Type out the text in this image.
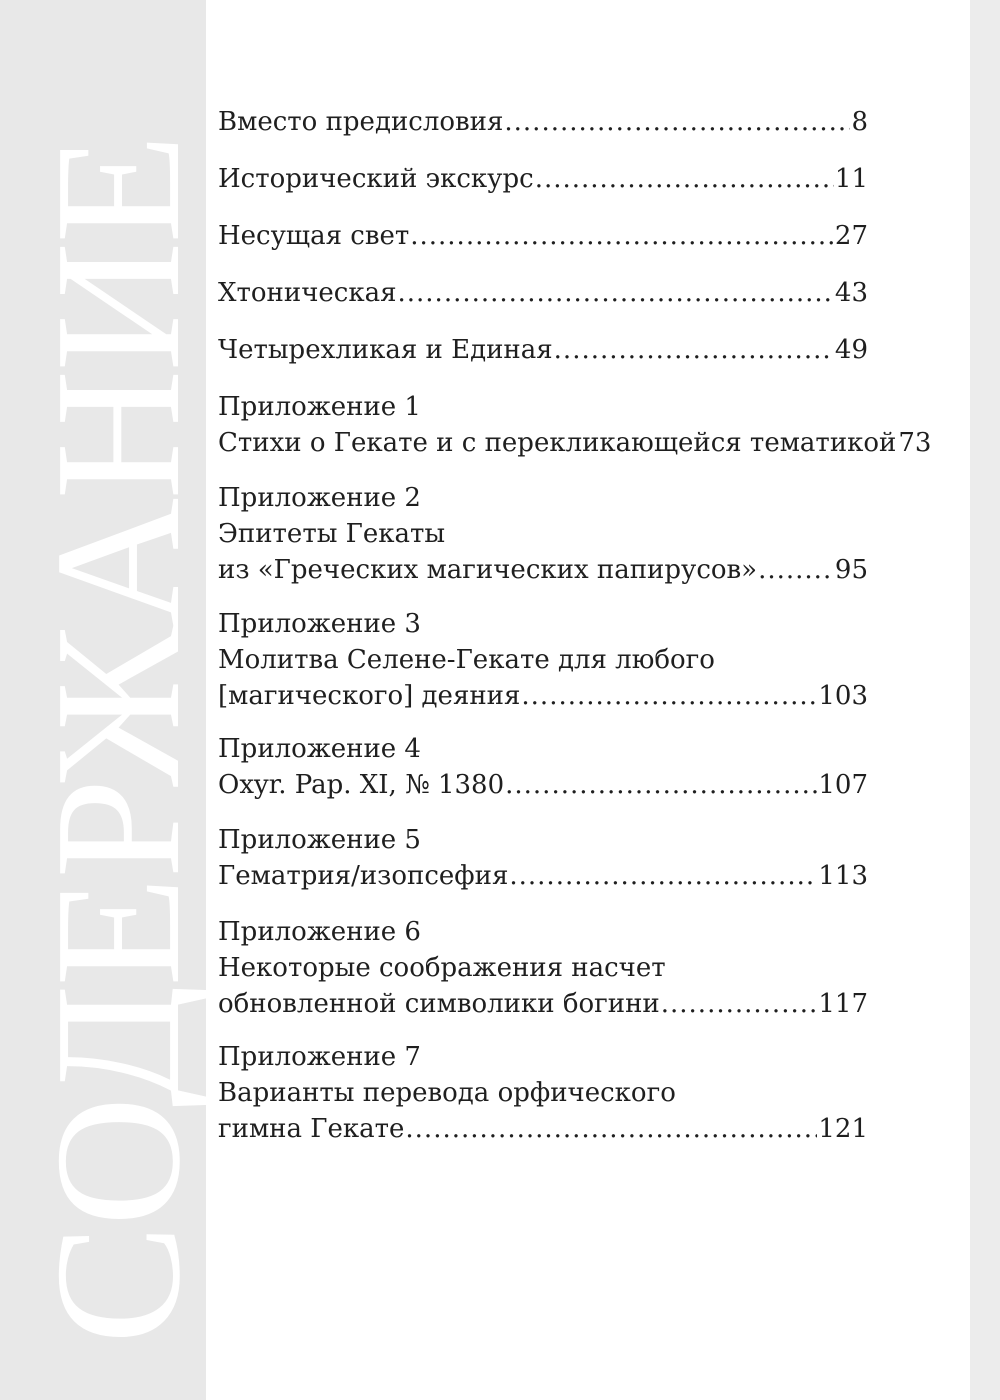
СОДЕРЖАНИЕ
Вместо предисловия .....	8
Исторический экскурс .....	11
Несущая свет .....	27
Хтоническая .....	43
Четырехликая и Единая .....	49
Приложение 1
Стихи о Гекате и с перекликающейся тематикой 73
Приложение 2
Эпитеты Гекаты
из «Греческих магических папирусов» .....	95
Приложение 3
Молитва Селене-Гекате для любого
[магического] деяния .....	103
Приложение 4
Oxyr. Pap. XI, № 1380 .....	107
Приложение 5
Гематрия/изопсефия .....	113
Приложение 6
Некоторые соображения насчет
обновленной символики богини .....	117
Приложение 7
Варианты перевода орфического
гимна Гекате .....	121
